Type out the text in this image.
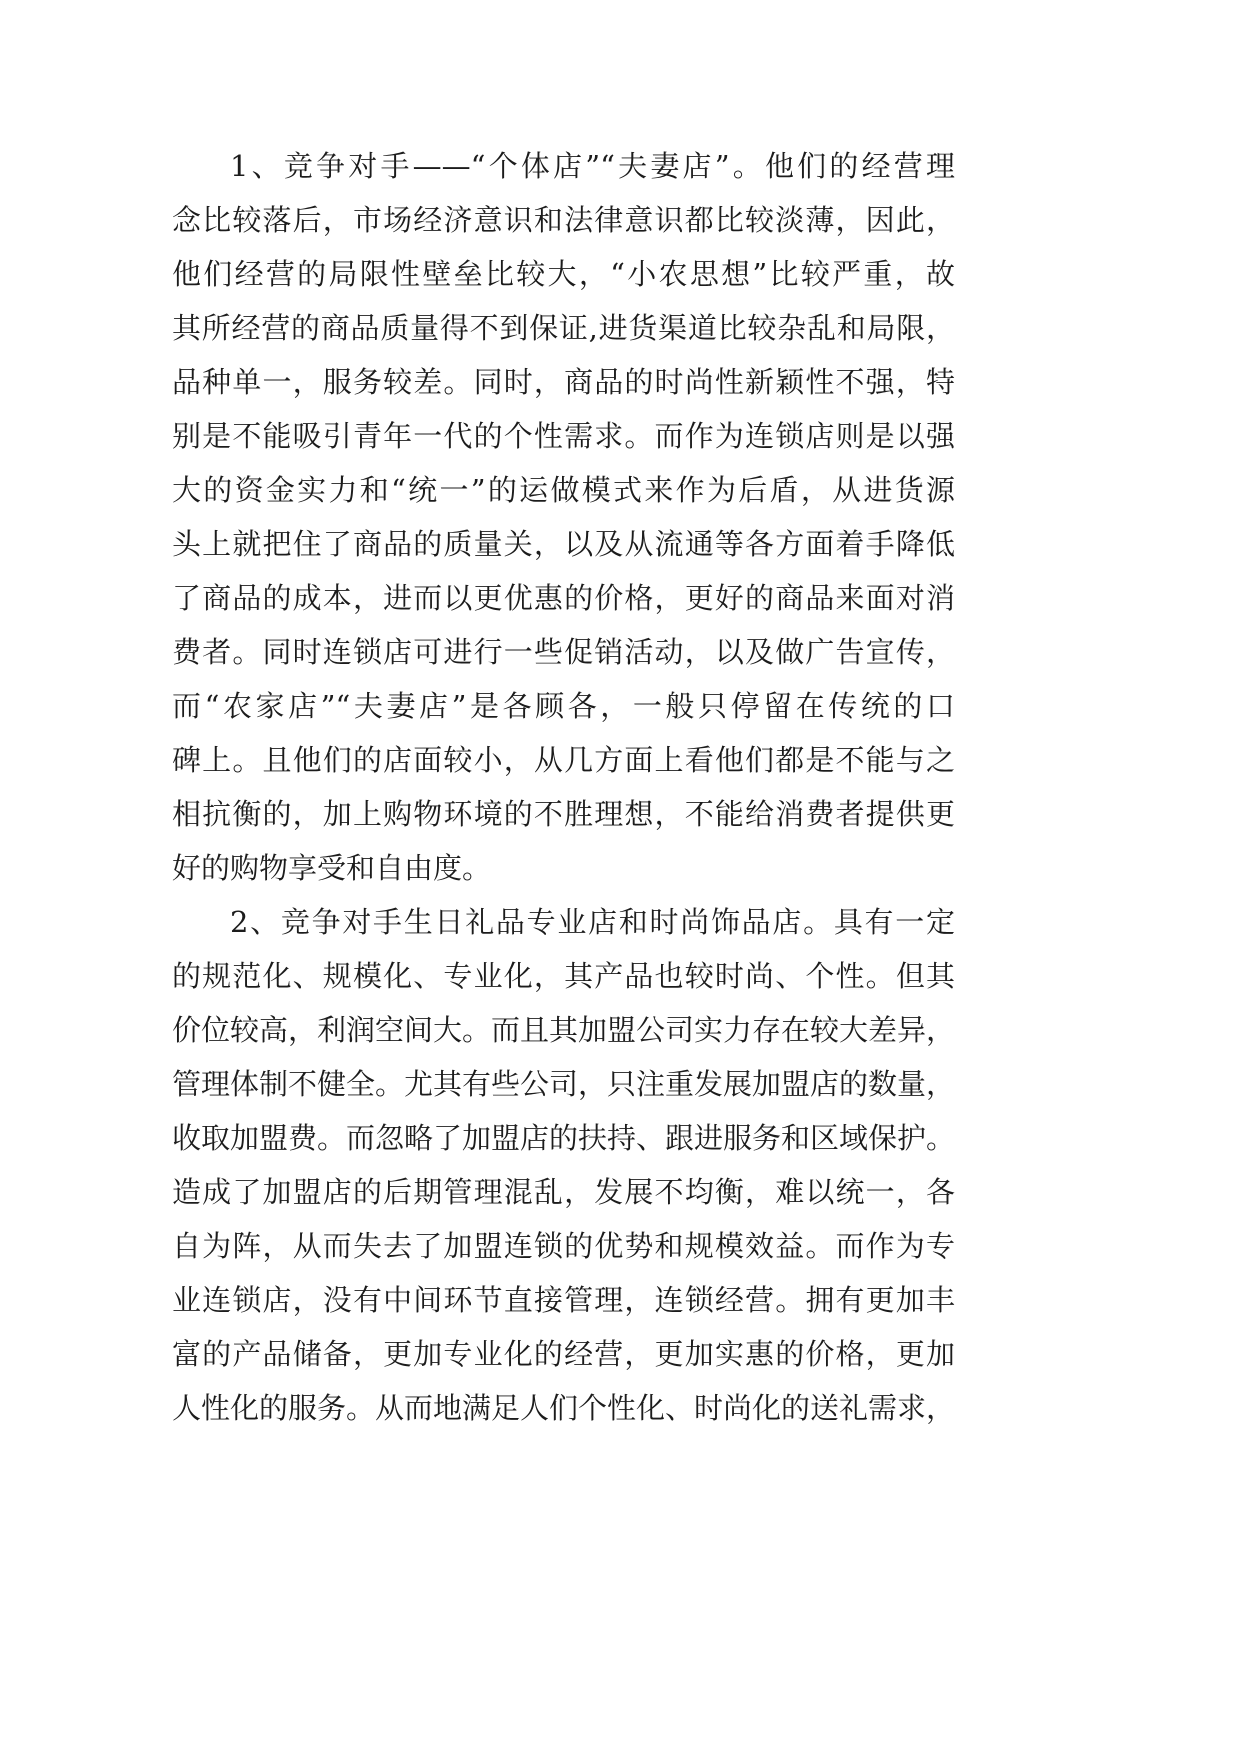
1、竞争对手——“个体店”“夫妻店”。他们的经营理
念比较落后，市场经济意识和法律意识都比较淡薄，因此，
他们经营的局限性壁垒比较大，“小农思想”比较严重，故
其所经营的商品质量得不到保证,进货渠道比较杂乱和局限，
品种单一，服务较差。同时，商品的时尚性新颖性不强，特
别是不能吸引青年一代的个性需求。而作为连锁店则是以强
大的资金实力和“统一”的运做模式来作为后盾，从进货源
头上就把住了商品的质量关，以及从流通等各方面着手降低
了商品的成本，进而以更优惠的价格，更好的商品来面对消
费者。同时连锁店可进行一些促销活动，以及做广告宣传，
而“农家店”“夫妻店”是各顾各，一般只停留在传统的口
碑上。且他们的店面较小，从几方面上看他们都是不能与之
相抗衡的，加上购物环境的不胜理想，不能给消费者提供更
好的购物享受和自由度。
2、竞争对手生日礼品专业店和时尚饰品店。具有一定
的规范化、规模化、专业化，其产品也较时尚、个性。但其
价位较高，利润空间大。而且其加盟公司实力存在较大差异，
管理体制不健全。尤其有些公司，只注重发展加盟店的数量，
收取加盟费。而忽略了加盟店的扶持、跟进服务和区域保护。
造成了加盟店的后期管理混乱，发展不均衡，难以统一，各
自为阵，从而失去了加盟连锁的优势和规模效益。而作为专
业连锁店，没有中间环节直接管理，连锁经营。拥有更加丰
富的产品储备，更加专业化的经营，更加实惠的价格，更加
人性化的服务。从而地满足人们个性化、时尚化的送礼需求，
